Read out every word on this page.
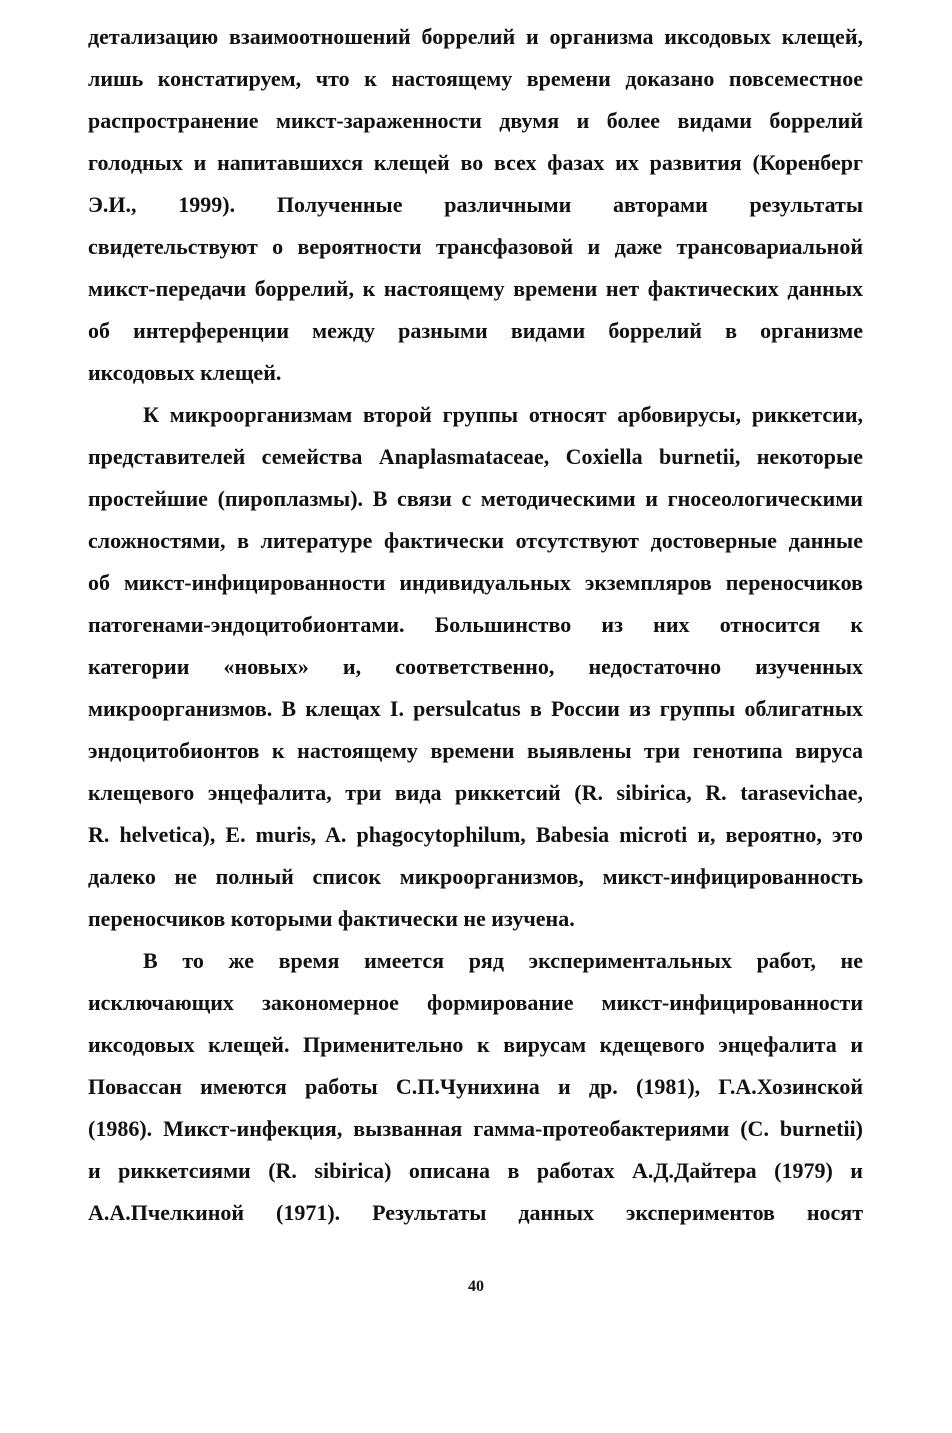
детализацию взаимоотношений боррелий и организма иксодовых клещей,
лишь констатируем, что к настоящему времени доказано повсеместное
распространение микст-зараженности двумя и более видами боррелий
голодных и напитавшихся клещей во всех фазах их развития (Коренберг
Э.И., 1999). Полученные различными авторами результаты
свидетельствуют о вероятности трансфазовой и даже трансовариальной
микст-передачи боррелий, к настоящему времени нет фактических данных
об интерференции между разными видами боррелий в организме
иксодовых клещей.
К микроорганизмам второй группы относят арбовирусы, риккетсии,
представителей семейства Anaplasmataceae, Coxiella burnetii, некоторые
простейшие (пироплазмы). В связи с методическими и гносеологическими
сложностями, в литературе фактически отсутствуют достоверные данные
об микст-инфицированности индивидуальных экземпляров переносчиков
патогенами-эндоцитобионтами. Большинство из них относится к
категории «новых» и, соответственно, недостаточно изученных
микроорганизмов. В клещах I. persulcatus в России из группы облигатных
эндоцитобионтов к настоящему времени выявлены три генотипа вируса
клещевого энцефалита, три вида риккетсий (R. sibirica, R. tarasevichae,
R. helvetica), E. muris, A. phagocytophilum, Babesia microti и, вероятно, это
далеко не полный список микроорганизмов, микст-инфицированность
переносчиков которыми фактически не изучена.
В то же время имеется ряд экспериментальных работ, не
исключающих закономерное формирование микст-инфицированности
иксодовых клещей. Применительно к вирусам кдещевого энцефалита и
Повассан имеются работы С.П.Чунихина и др. (1981), Г.А.Хозинской
(1986). Микст-инфекция, вызванная гамма-протеобактериями (C. burnetii)
и риккетсиями (R. sibirica) описана в работах А.Д.Дайтера (1979) и
А.А.Пчелкиной (1971). Результаты данных экспериментов носят
40
